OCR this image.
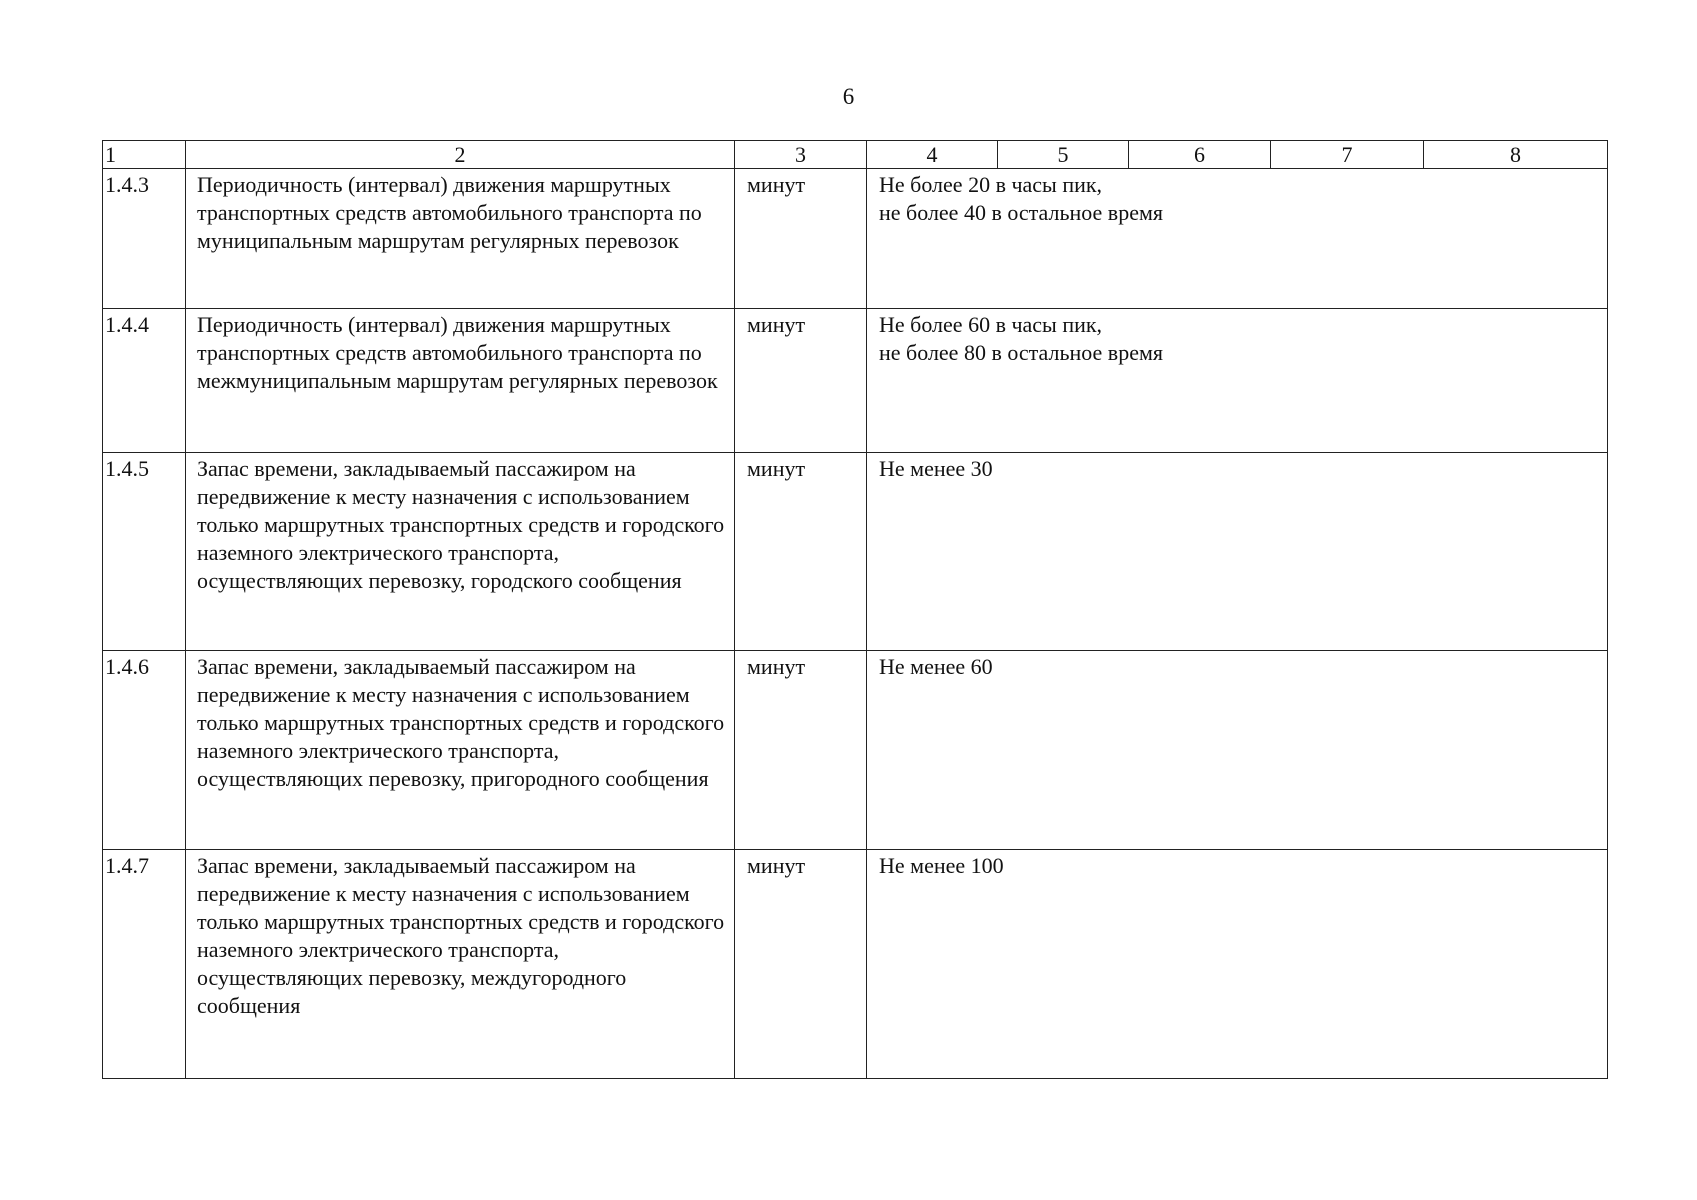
6
1	2	3	4	5	6	7	8
1.4.3	Периодичность (интервал) движения маршрутных транспортных средств автомобильного транспорта по муниципальным маршрутам регулярных перевозок	минут	Не более 20 в часы пик,
не более 40 в остальное время				

1.4.4	Периодичность (интервал) движения маршрутных транспортных средств автомобильного транспорта по межмуниципальным маршрутам регулярных перевозок	минут	Не более 60 в часы пик,
не более 80 в остальное время				

1.4.5	Запас времени, закладываемый пассажиром на передвижение к месту назначения с использованием только маршрутных транспортных средств и городского наземного электрического транспорта, осуществляющих перевозку, городского сообщения	минут	Не менее 30				

1.4.6	Запас времени, закладываемый пассажиром на передвижение к месту назначения с использованием только маршрутных транспортных средств и городского наземного электрического транспорта, осуществляющих перевозку, пригородного сообщения	минут	Не менее 60				

1.4.7	Запас времени, закладываемый пассажиром на передвижение к месту назначения с использованием только маршрутных транспортных средств и городского наземного электрического транспорта, осуществляющих перевозку, междугородного сообщения	минут	Не менее 100				
